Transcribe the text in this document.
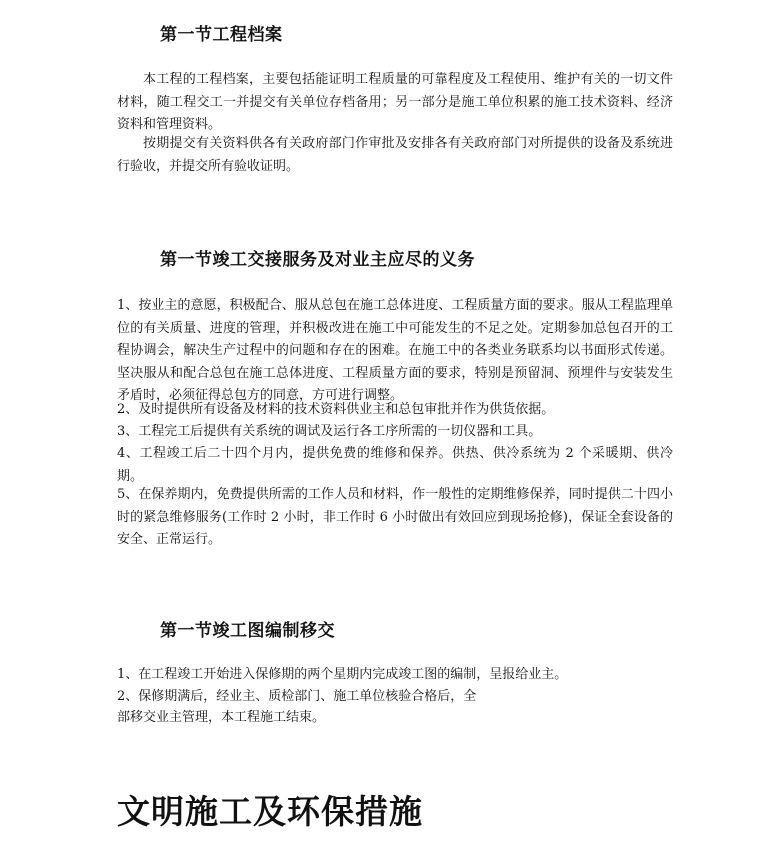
第一节工程档案

本工程的工程档案，主要包括能证明工程质量的可靠程度及工程使用、维护有关的一切文件材料，随工程交工一并提交有关单位存档备用；另一部分是施工单位积累的施工技术资料、经济资料和管理资料。

按期提交有关资料供各有关政府部门作审批及安排各有关政府部门对所提供的设备及系统进行验收，并提交所有验收证明。

第一节竣工交接服务及对业主应尽的义务

1、按业主的意愿，积极配合、服从总包在施工总体进度、工程质量方面的要求。服从工程监理单位的有关质量、进度的管理，并积极改进在施工中可能发生的不足之处。定期参加总包召开的工程协调会，解决生产过程中的问题和存在的困难。在施工中的各类业务联系均以书面形式传递。坚决服从和配合总包在施工总体进度、工程质量方面的要求，特别是预留洞、预埋件与安装发生矛盾时，必须征得总包方的同意，方可进行调整。

2、及时提供所有设备及材料的技术资料供业主和总包审批并作为供货依据。

3、工程完工后提供有关系统的调试及运行各工序所需的一切仪器和工具。

4、工程竣工后二十四个月内，提供免费的维修和保养。供热、供冷系统为 2 个采暖期、供冷期。

5、在保养期内，免费提供所需的工作人员和材料，作一般性的定期维修保养，同时提供二十四小时的紧急维修服务(工作时 2 小时，非工作时 6 小时做出有效回应到现场抢修)，保证全套设备的安全、正常运行。

第一节竣工图编制移交

1、在工程竣工开始进入保修期的两个星期内完成竣工图的编制，呈报给业主。

2、保修期满后，经业主、质检部门、施工单位核验合格后，全

部移交业主管理，本工程施工结束。

文明施工及环保措施
